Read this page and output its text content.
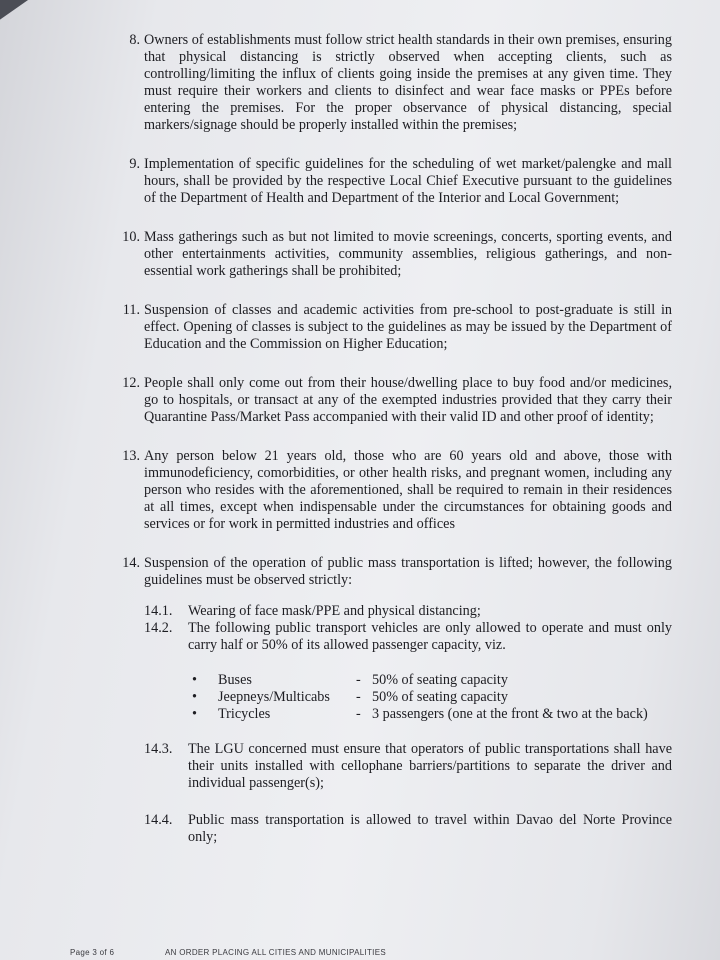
8. Owners of establishments must follow strict health standards in their own premises, ensuring that physical distancing is strictly observed when accepting clients, such as controlling/limiting the influx of clients going inside the premises at any given time. They must require their workers and clients to disinfect and wear face masks or PPEs before entering the premises. For the proper observance of physical distancing, special markers/signage should be properly installed within the premises;
9. Implementation of specific guidelines for the scheduling of wet market/palengke and mall hours, shall be provided by the respective Local Chief Executive pursuant to the guidelines of the Department of Health and Department of the Interior and Local Government;
10. Mass gatherings such as but not limited to movie screenings, concerts, sporting events, and other entertainments activities, community assemblies, religious gatherings, and non-essential work gatherings shall be prohibited;
11. Suspension of classes and academic activities from pre-school to post-graduate is still in effect. Opening of classes is subject to the guidelines as may be issued by the Department of Education and the Commission on Higher Education;
12. People shall only come out from their house/dwelling place to buy food and/or medicines, go to hospitals, or transact at any of the exempted industries provided that they carry their Quarantine Pass/Market Pass accompanied with their valid ID and other proof of identity;
13. Any person below 21 years old, those who are 60 years old and above, those with immunodeficiency, comorbidities, or other health risks, and pregnant women, including any person who resides with the aforementioned, shall be required to remain in their residences at all times, except when indispensable under the circumstances for obtaining goods and services or for work in permitted industries and offices
14. Suspension of the operation of public mass transportation is lifted; however, the following guidelines must be observed strictly:
14.1. Wearing of face mask/PPE and physical distancing;
14.2. The following public transport vehicles are only allowed to operate and must only carry half or 50% of its allowed passenger capacity, viz.
•	Buses	- 50% of seating capacity
•	Jeepneys/Multicabs	- 50% of seating capacity
•	Tricycles	- 3 passengers (one at the front & two at the back)
14.3. The LGU concerned must ensure that operators of public transportations shall have their units installed with cellophane barriers/partitions to separate the driver and individual passenger(s);
14.4. Public mass transportation is allowed to travel within Davao del Norte Province only;
Page 3 of 6	AN ORDER PLACING ALL CITIES AND MUNICIPALITIES
